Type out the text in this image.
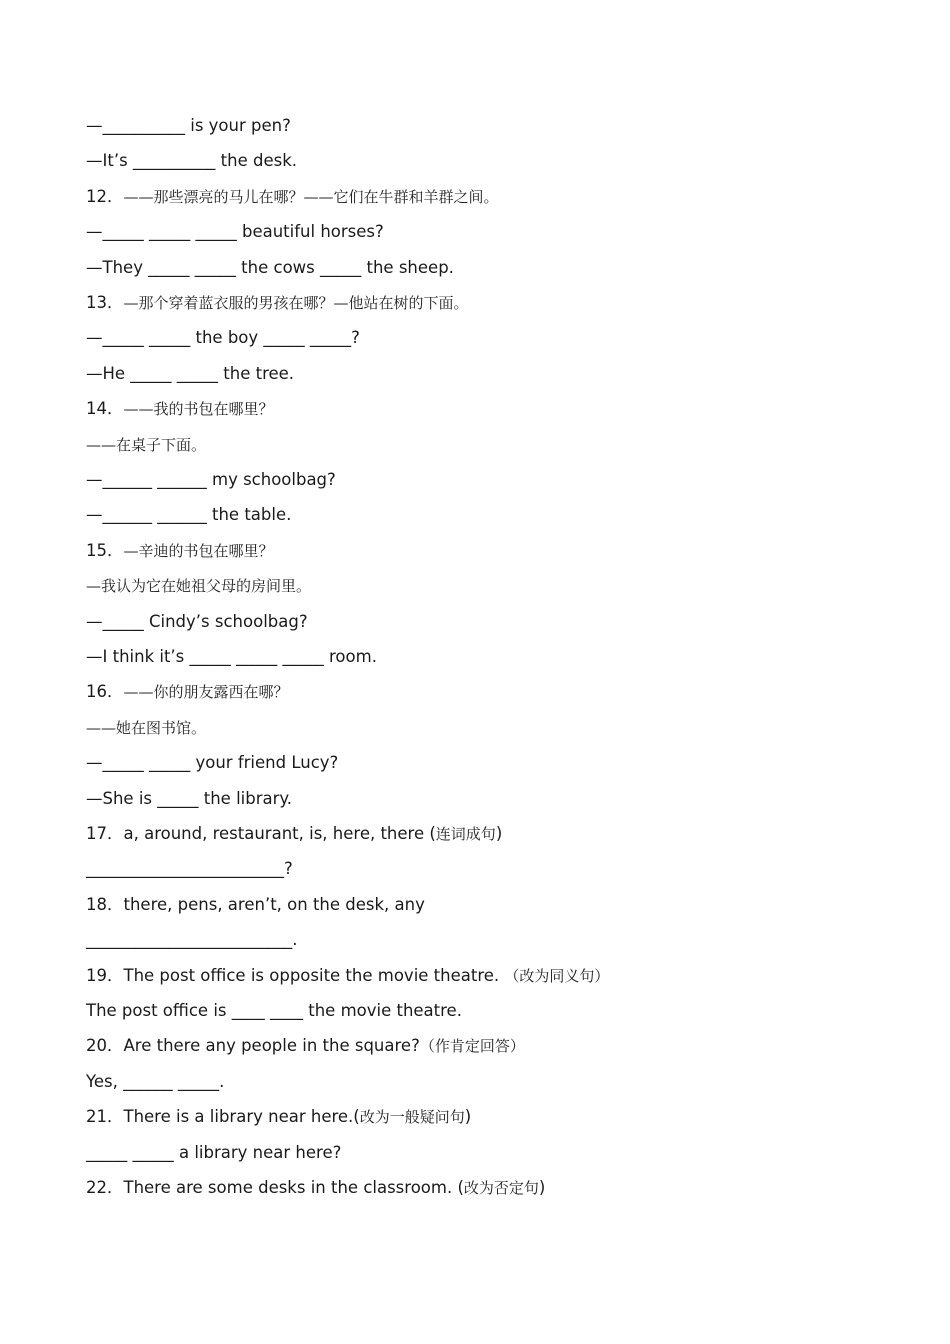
—__________ is your pen?
—It’s __________ the desk.
12．——那些漂亮的马儿在哪？——它们在牛群和羊群之间。
—_____ _____ _____ beautiful horses?
—They _____ _____ the cows _____ the sheep.
13．—那个穿着蓝衣服的男孩在哪？—他站在树的下面。
—_____ _____ the boy _____ _____?
—He _____ _____ the tree.
14．——我的书包在哪里？
——在桌子下面。
—______ ______ my schoolbag?
—______ ______ the table.
15．—辛迪的书包在哪里？
—我认为它在她祖父母的房间里。
—_____ Cindy’s schoolbag?
—I think it’s _____ _____ _____ room.
16．——你的朋友露西在哪？
——她在图书馆。
—_____ _____ your friend Lucy?
—She is _____ the library.
17．a, around, restaurant, is, here, there (连词成句)
________________________?
18．there, pens, aren’t, on the desk, any
_________________________.
19．The post office is opposite the movie theatre. （改为同义句）
The post office is ____ ____ the movie theatre.
20．Are there any people in the square?（作肯定回答）
Yes, ______ _____.
21．There is a library near here.(改为一般疑问句)
_____ _____ a library near here?
22．There are some desks in the classroom. (改为否定句)
